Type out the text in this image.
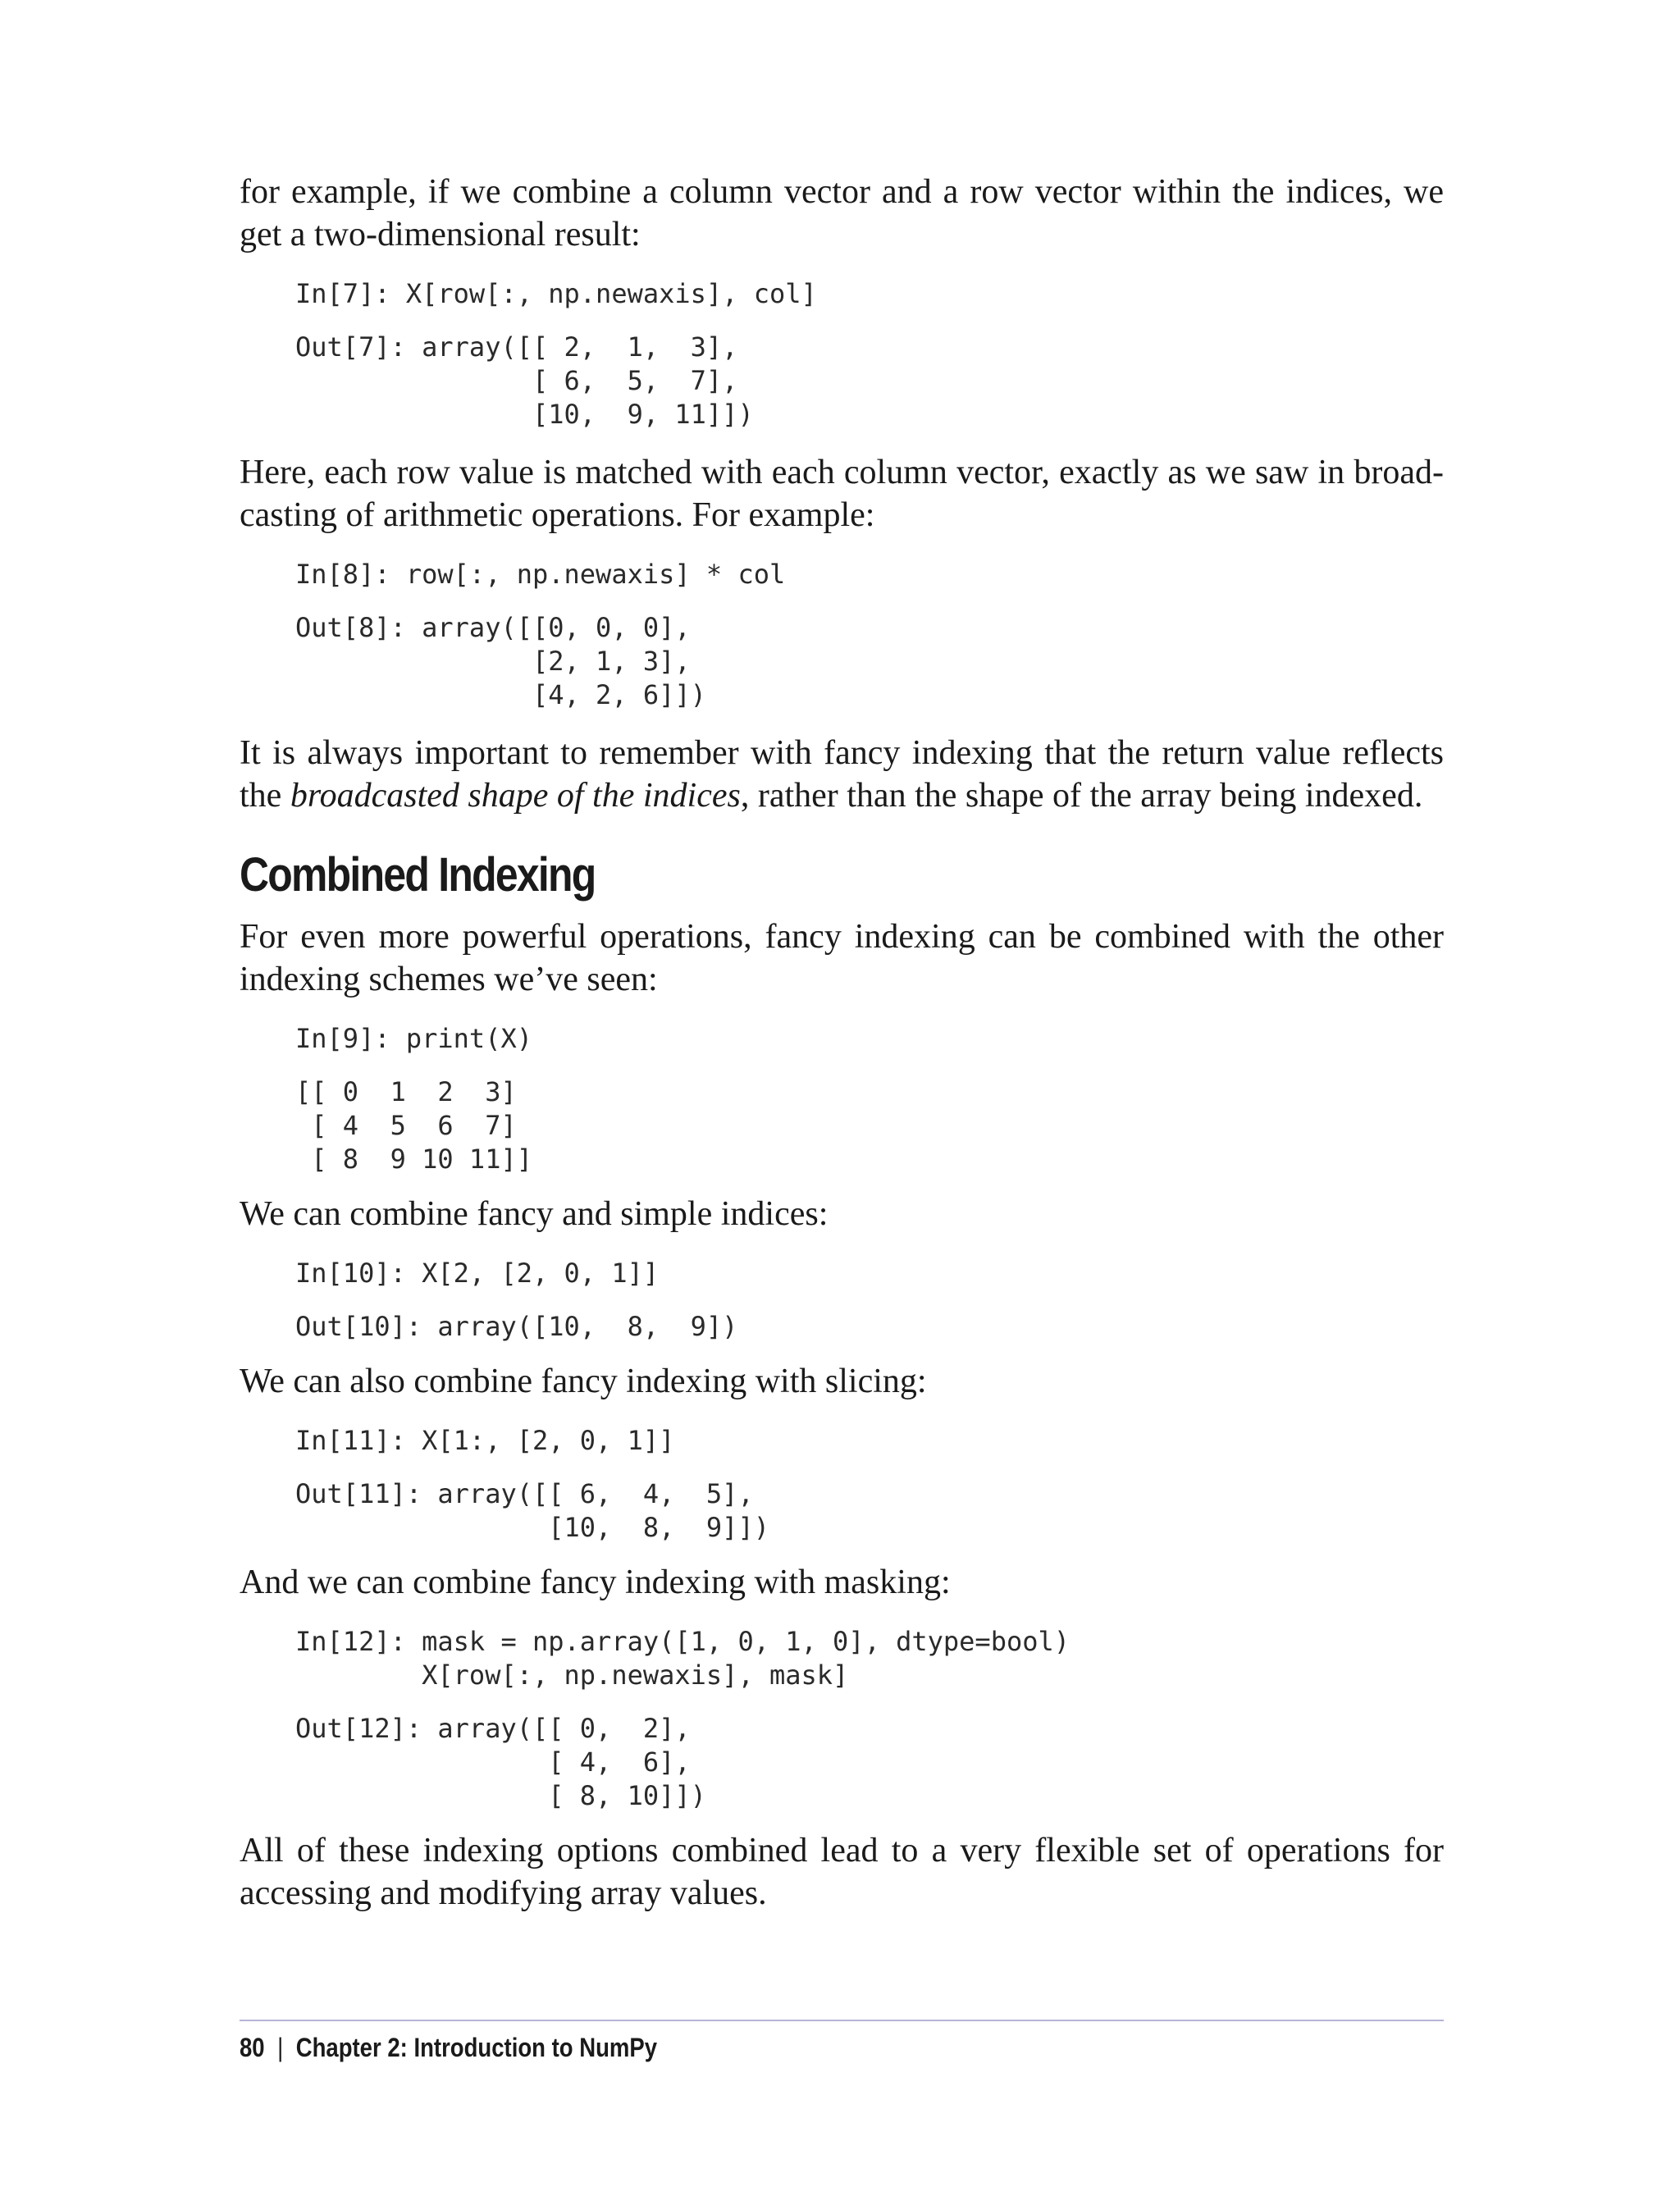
for example, if we combine a column vector and a row vector within the indices, we get a two-dimensional result:

In[7]: X[row[:, np.newaxis], col]
Out[7]: array([[ 2,  1,  3],
[ 6,  5,  7],
[10,  9, 11]])

Here, each row value is matched with each column vector, exactly as we saw in broad-casting of arithmetic operations. For example:

In[8]: row[:, np.newaxis] * col
Out[8]: array([[0, 0, 0],
[2, 1, 3],
[4, 2, 6]])

It is always important to remember with fancy indexing that the return value reflects the broadcasted shape of the indices, rather than the shape of the array being indexed.

Combined Indexing

For even more powerful operations, fancy indexing can be combined with the other indexing schemes we’ve seen:

In[9]: print(X)
[[ 0  1  2  3]
[ 4  5  6  7]
[ 8  9 10 11]]

We can combine fancy and simple indices:

In[10]: X[2, [2, 0, 1]]
Out[10]: array([10,  8,  9])

We can also combine fancy indexing with slicing:

In[11]: X[1:, [2, 0, 1]]
Out[11]: array([[ 6,  4,  5],
[10,  8,  9]])

And we can combine fancy indexing with masking:

In[12]: mask = np.array([1, 0, 1, 0], dtype=bool)
X[row[:, np.newaxis], mask]
Out[12]: array([[ 0,  2],
[ 4,  6],
[ 8, 10]])

All of these indexing options combined lead to a very flexible set of operations for accessing and modifying array values.

80 | Chapter 2: Introduction to NumPy
